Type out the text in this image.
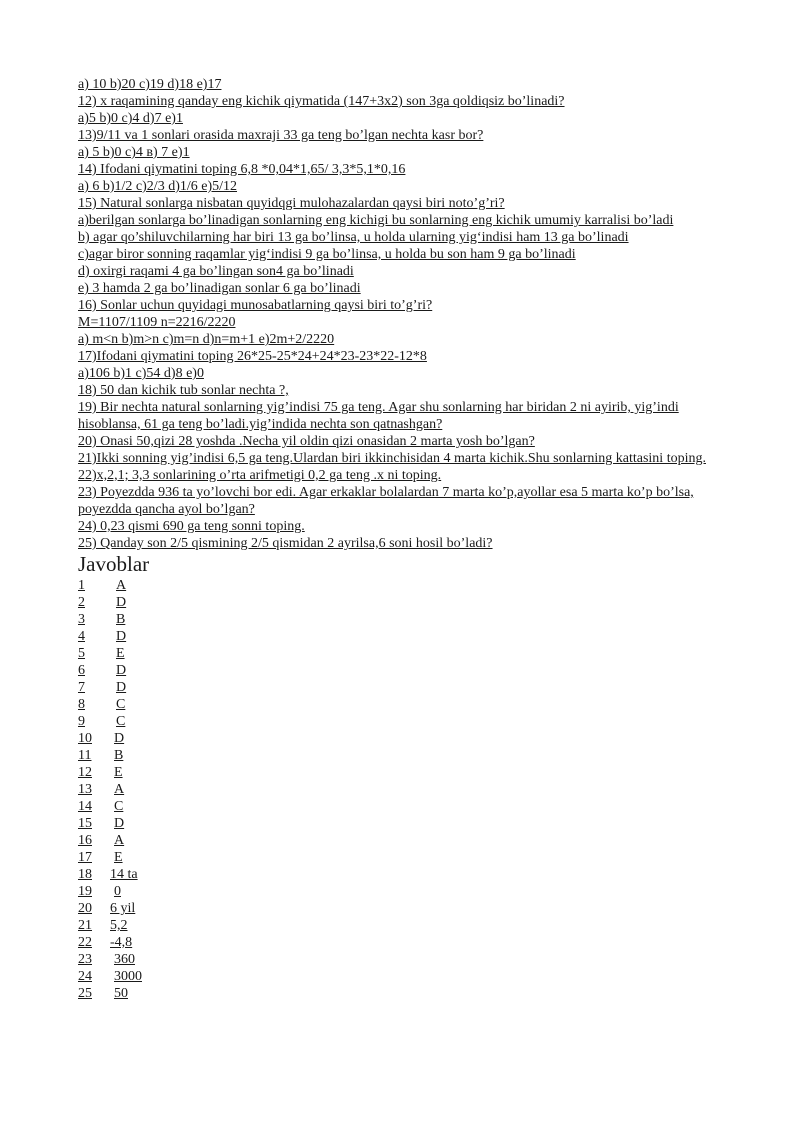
a) 10 b)20 c)19 d)18 e)17
12) x raqamining qanday eng kichik qiymatida (147+3x2) son 3ga qoldiqsiz bo’linadi?
a)5 b)0 c)4 d)7 e)1
13)9/11 va 1 sonlari orasida maxraji 33 ga teng bo’lgan nechta kasr bor?
a) 5 b)0 c)4 в) 7 e)1
14) Ifodani qiymatini toping 6,8 *0,04*1,65/ 3,3*5,1*0,16
a) 6 b)1/2 c)2/3 d)1/6 e)5/12
15) Natural sonlarga nisbatan quyidqgi mulohazalardan qaysi biri noto’g’ri?
a)berilgan sonlarga bo’linadigan sonlarning eng kichigi bu sonlarning eng kichik umumiy karralisi bo’ladi
b) agar qo’shiluvchilarning har biri 13 ga bo’linsa, u holda ularning yig‘indisi ham 13 ga bo’linadi
c)agar biror sonning raqamlar yig‘indisi 9 ga bo’linsa, u holda bu son ham 9 ga bo’linadi
d) oxirgi raqami 4 ga bo’lingan son4 ga bo’linadi
e) 3 hamda 2 ga bo’linadigan sonlar 6 ga bo’linadi
16) Sonlar uchun quyidagi munosabatlarning qaysi biri to’g’ri?
M=1107/1109 n=2216/2220
a) m<n b)m>n c)m=n d)n=m+1 e)2m+2/2220
17)Ifodani qiymatini toping 26*25-25*24+24*23-23*22-12*8
a)106 b)1 c)54 d)8 e)0
18) 50 dan kichik tub sonlar nechta ?,
19) Bir nechta natural sonlarning yig’indisi 75 ga teng. Agar shu sonlarning har biridan 2 ni ayirib, yig’indi
hisoblansa, 61 ga teng bo’ladi.yig’indida nechta son qatnashgan?
20) Onasi 50,qizi 28 yoshda .Necha yil oldin qizi onasidan 2 marta yosh bo’lgan?
21)Ikki sonning yig’indisi 6,5 ga teng.Ulardan biri ikkinchisidan 4 marta kichik.Shu sonlarning kattasini toping.
22)x,2,1; 3,3 sonlarining o’rta arifmetigi 0,2 ga teng .x ni toping.
23) Poyezdda 936 ta yo’lovchi bor edi. Agar erkaklar bolalardan 7 marta ko’p,ayollar esa 5 marta ko’p bo’lsa,
poyezdda qancha ayol bo’lgan?
24) 0,23 qismi 690 ga teng sonni toping.
25) Qanday son 2/5 qismining 2/5 qismidan 2 ayrilsa,6 soni hosil bo’ladi?
Javoblar
1	A
2	D
3	B
4	D
5	E
6	D
7	D
8	C
9	C
10	D
11	B
12	E
13	A
14	C
15	D
16	A
17	E
18	14 ta
19	0
20	6 yil
21	5,2
22	-4,8
23	360
24	3000
25	50
